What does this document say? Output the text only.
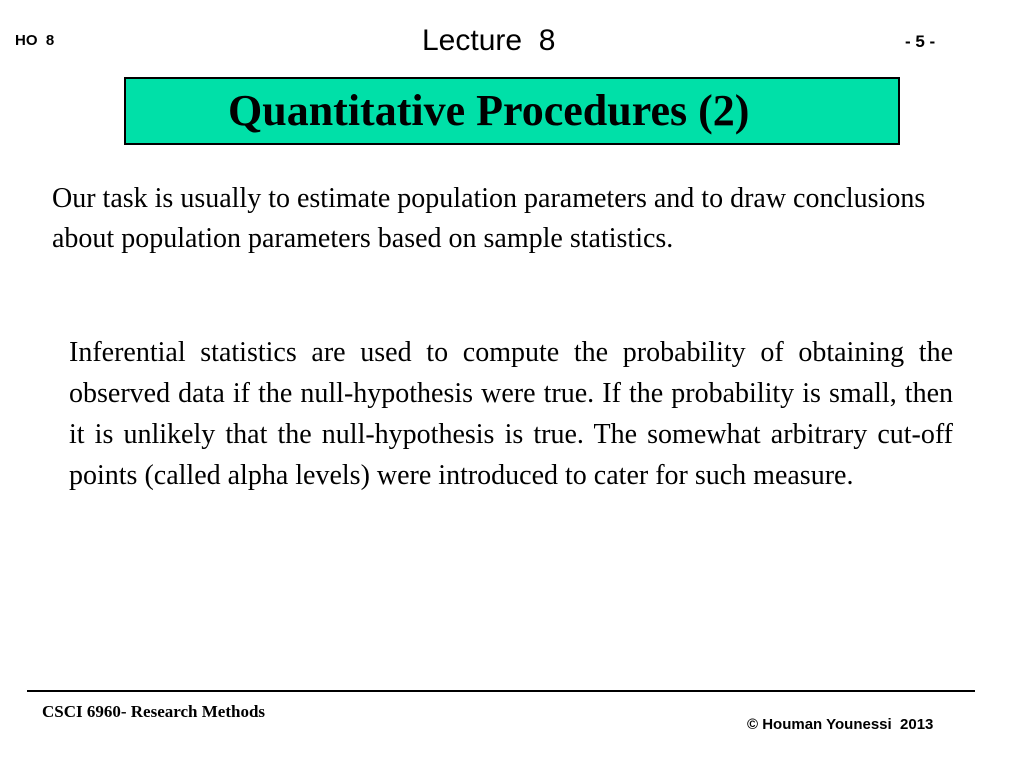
HO  8	Lecture  8	- 5 -
Quantitative Procedures (2)
Our task is usually to estimate population parameters and to draw conclusions about population parameters based on sample statistics.
Inferential statistics are used to compute the probability of obtaining the observed data if the null-hypothesis were true. If the probability is small, then it is unlikely that the null-hypothesis is true. The somewhat arbitrary cut-off points (called alpha levels) were introduced to cater for such measure.
CSCI 6960- Research Methods
© Houman Younessi  2013
